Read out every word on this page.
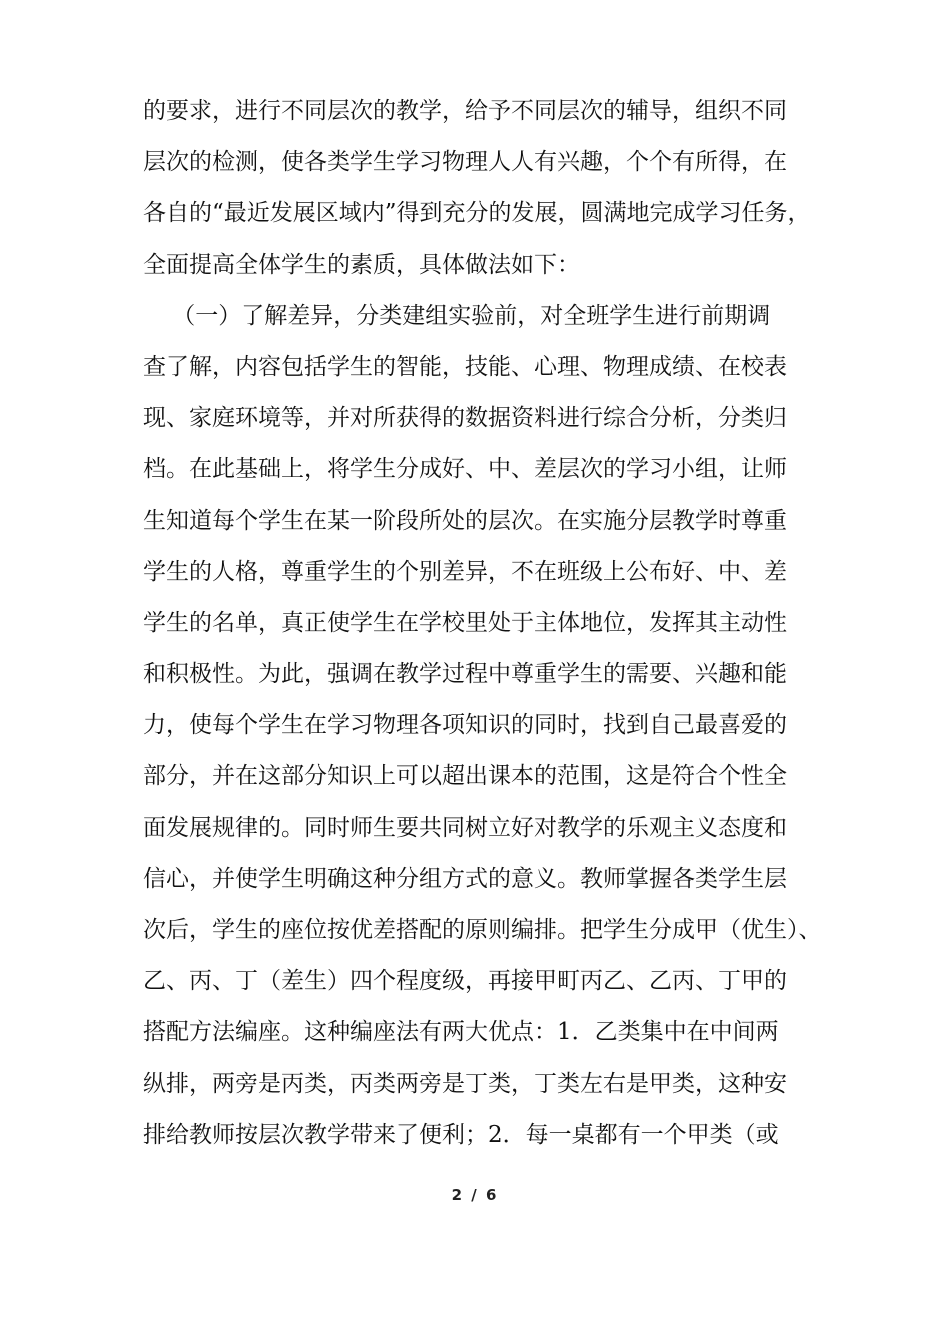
的要求，进行不同层次的教学，给予不同层次的辅导，组织不同
层次的检测，使各类学生学习物理人人有兴趣，个个有所得，在
各自的“最近发展区域内”得到充分的发展，圆满地完成学习任务，
全面提高全体学生的素质，具体做法如下：
（一）了解差异，分类建组实验前，对全班学生进行前期调
查了解，内容包括学生的智能，技能、心理、物理成绩、在校表
现、家庭环境等，并对所获得的数据资料进行综合分析，分类归
档。在此基础上，将学生分成好、中、差层次的学习小组，让师
生知道每个学生在某一阶段所处的层次。在实施分层教学时尊重
学生的人格，尊重学生的个别差异，不在班级上公布好、中、差
学生的名单，真正使学生在学校里处于主体地位，发挥其主动性
和积极性。为此，强调在教学过程中尊重学生的需要、兴趣和能
力，使每个学生在学习物理各项知识的同时，找到自己最喜爱的
部分，并在这部分知识上可以超出课本的范围，这是符合个性全
面发展规律的。同时师生要共同树立好对教学的乐观主义态度和
信心，并使学生明确这种分组方式的意义。教师掌握各类学生层
次后，学生的座位按优差搭配的原则编排。把学生分成甲（优生）、
乙、丙、丁（差生）四个程度级，再接甲町丙乙、乙丙、丁甲的
搭配方法编座。这种编座法有两大优点：1．乙类集中在中间两
纵排，两旁是丙类，丙类两旁是丁类，丁类左右是甲类，这种安
排给教师按层次教学带来了便利；2．每一桌都有一个甲类（或
2 / 6
